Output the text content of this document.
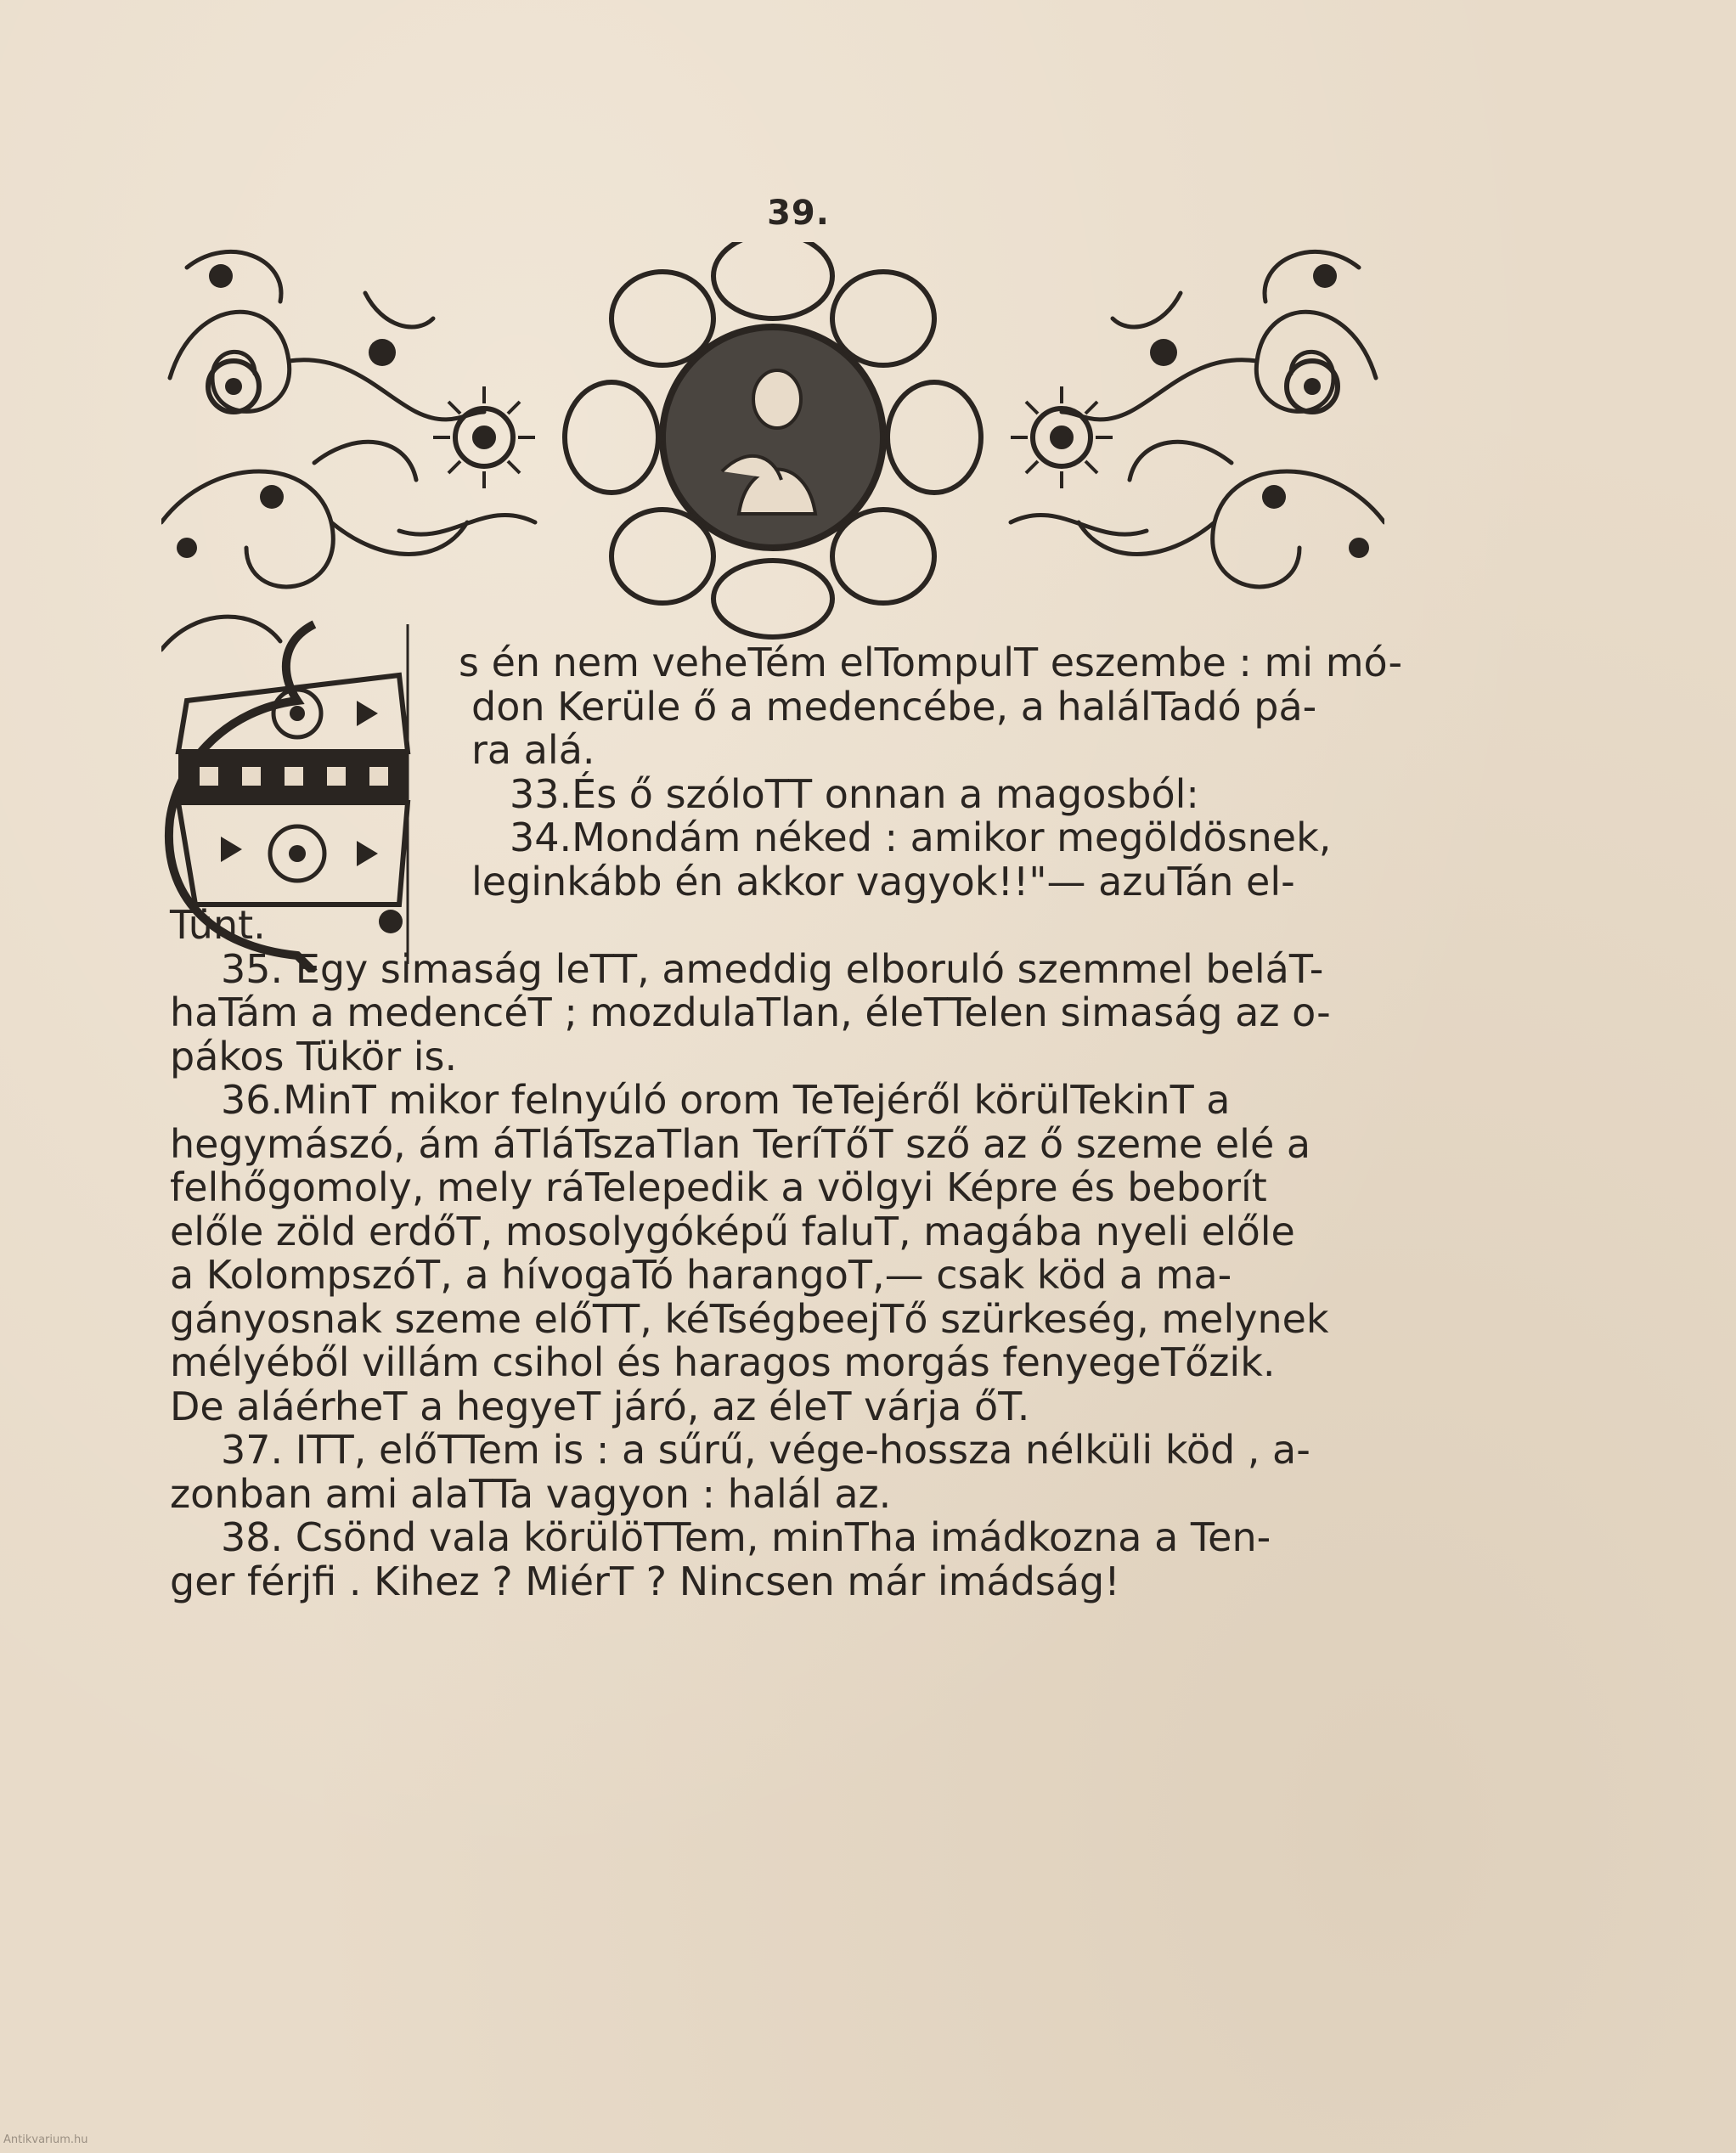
39.
s én nem veheTém elTompulT eszembe : mi mó-
don Kerüle ő a medencébe, a halálTadó pá-
ra alá.
33.És ő szóloTT onnan a magosból:
34.Mondám néked : amikor megöldösnek,
leginkább én akkor vagyok!!"— azuTán el-
Tünt.
35. Egy simaság leTT, ameddig elboruló szemmel beláT-
haTám a medencéT ; mozdulaTlan, éleTTelen simaság az o-
pákos Tükör is.
36.MinT mikor felnyúló orom TeTejéről körülTekinT a
hegymászó, ám áTláTszaTlan TeríTőT sző az ő szeme elé a
felhőgomoly, mely ráTelepedik a völgyi Képre és beborít
előle zöld erdőT, mosolygóképű faluT, magába nyeli előle
a KolompszóT, a hívogaTó harangoT,— csak köd a ma-
gányosnak szeme előTT, kéTségbeejTő szürkeség, melynek
mélyéből villám csihol és haragos morgás fenyegeTőzik.
De aláérheT a hegyeT járó, az éleT várja őT.
37. ITT, előTTem is : a sűrű, vége-hossza nélküli köd , a-
zonban ami alaTTa vagyon : halál az.
38. Csönd vala körülöTTem, minTha imádkozna a Ten-
ger férjfi . Kihez ? MiérT ? Nincsen már imádság!
Antikvarium.hu
